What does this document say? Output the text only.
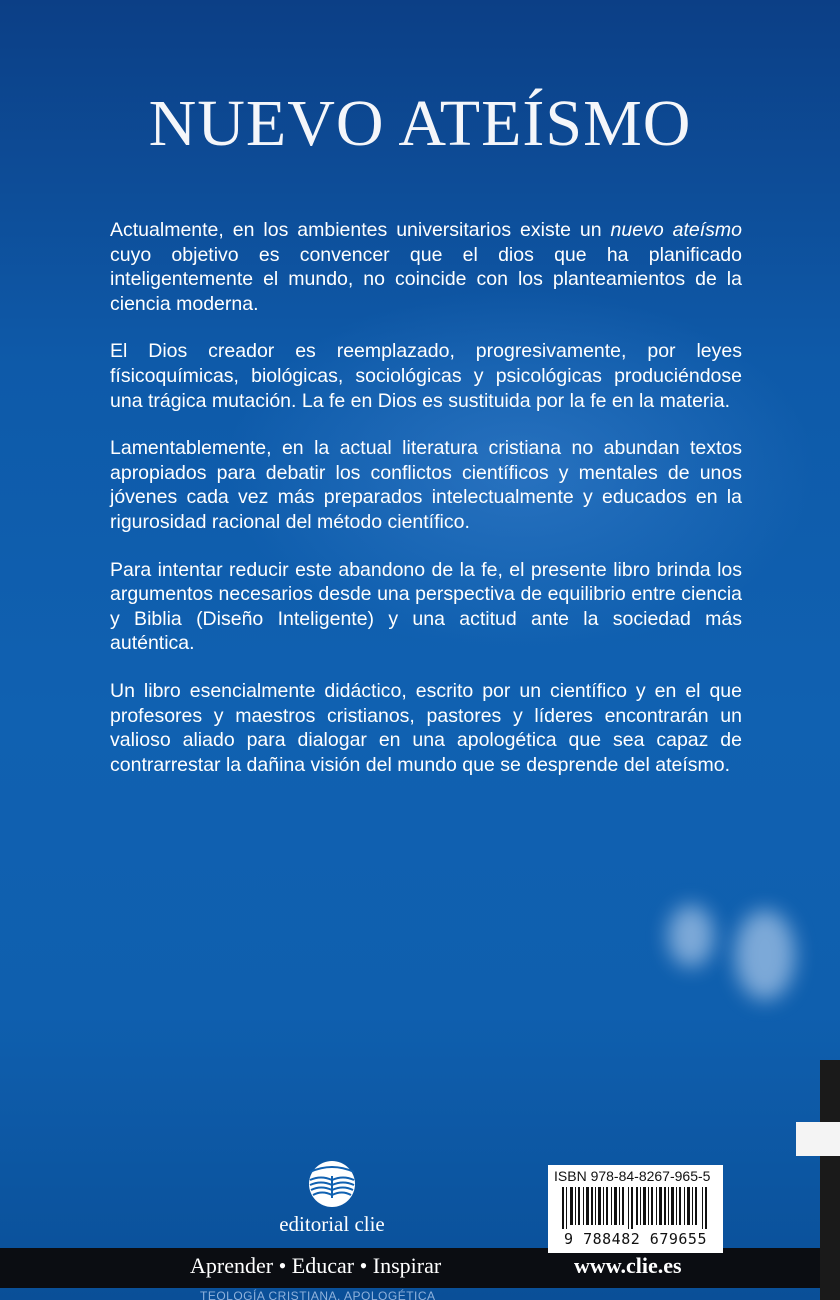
NUEVO ATEÍSMO

Actualmente, en los ambientes universitarios existe un nuevo ateísmo cuyo objetivo es convencer que el dios que ha planificado inteligentemente el mundo, no coincide con los planteamientos de la ciencia moderna.

El Dios creador es reemplazado, progresivamente, por leyes físicoquímicas, biológicas, sociológicas y psicológicas produciéndose una trágica mutación. La fe en Dios es sustituida por la fe en la materia.

Lamentablemente, en la actual literatura cristiana no abundan textos apropiados para debatir los conflictos científicos y mentales de unos jóvenes cada vez más preparados intelectualmente y educados en la rigurosidad racional del método científico.

Para intentar reducir este abandono de la fe, el presente libro brinda los argumentos necesarios desde una perspectiva de equilibrio entre ciencia y Biblia (Diseño Inteligente) y una actitud ante la sociedad más auténtica.

Un libro esencialmente didáctico, escrito por un científico y en el que profesores y maestros cristianos, pastores y líderes encontrarán un valioso aliado para dialogar en una apologética que sea capaz de contrarrestar la dañina visión del mundo que se desprende del ateísmo.

editorial clie
Aprender • Educar • Inspirar	www.clie.es
TEOLOGÍA CRISTIANA. APOLOGÉTICA

ISBN 978-84-8267-965-5

9 788482 679655
